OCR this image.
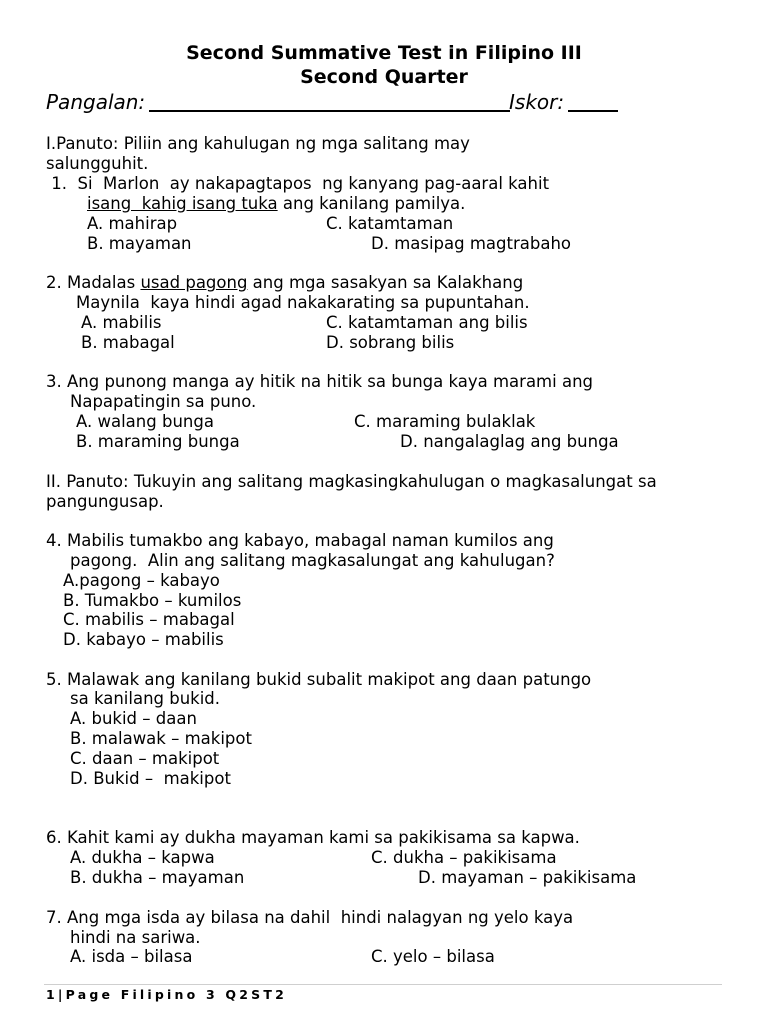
Second Summative Test in Filipino III
Second Quarter
Pangalan:	Iskor:
I.Panuto: Piliin ang kahulugan ng mga salitang may
salungguhit.
1.  Si  Marlon  ay nakapagtapos  ng kanyang pag-aaral kahit
isang  kahig isang tuka ang kanilang pamilya.
A. mahirap	C. katamtaman
B. mayaman	D. masipag magtrabaho
2. Madalas usad pagong ang mga sasakyan sa Kalakhang
Maynila  kaya hindi agad nakakarating sa pupuntahan.
A. mabilis	C. katamtaman ang bilis
B. mabagal	D. sobrang bilis
3. Ang punong manga ay hitik na hitik sa bunga kaya marami ang
Napapatingin sa puno.
A. walang bunga	C. maraming bulaklak
B. maraming bunga	D. nangalaglag ang bunga
II. Panuto: Tukuyin ang salitang magkasingkahulugan o magkasalungat sa
pangungusap.
4. Mabilis tumakbo ang kabayo, mabagal naman kumilos ang
pagong.  Alin ang salitang magkasalungat ang kahulugan?
A.pagong – kabayo
B. Tumakbo – kumilos
C. mabilis – mabagal
D. kabayo – mabilis
5. Malawak ang kanilang bukid subalit makipot ang daan patungo
sa kanilang bukid.
A. bukid – daan
B. malawak – makipot
C. daan – makipot
D. Bukid –  makipot
6. Kahit kami ay dukha mayaman kami sa pakikisama sa kapwa.
A. dukha – kapwa	C. dukha – pakikisama
B. dukha – mayaman	D. mayaman – pakikisama
7. Ang mga isda ay bilasa na dahil  hindi nalagyan ng yelo kaya
hindi na sariwa.
A. isda – bilasa	C. yelo – bilasa
1|Page Filipino 3 Q2ST2
